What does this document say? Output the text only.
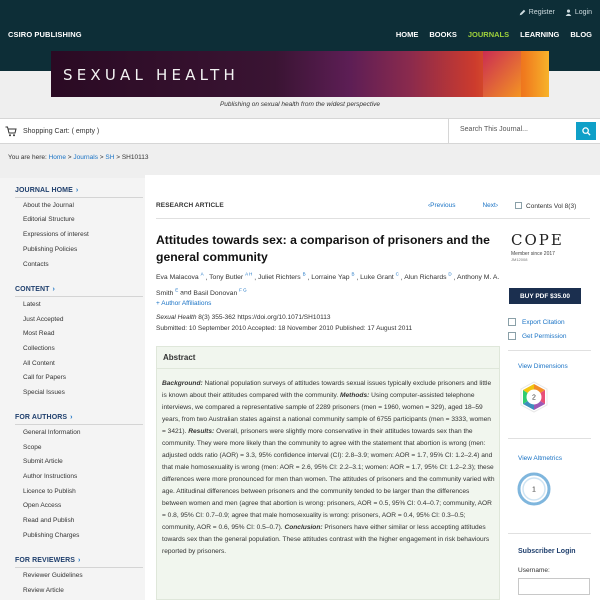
Register	Login
CSIRO PUBLISHING	HOME BOOKS JOURNALS LEARNING BLOG
SEXUAL HEALTH
Publishing on sexual health from the widest perspective
Shopping Cart: ( empty )	Search This Journal...
You are here: Home > Journals > SH > SH10113
JOURNAL HOME ›
About the Journal
Editorial Structure
Expressions of interest
Publishing Policies
Contacts
CONTENT ›
Latest
Just Accepted
Most Read
Collections
All Content
Call for Papers
Special Issues
FOR AUTHORS ›
General Information
Scope
Submit Article
Author Instructions
Licence to Publish
Open Access
Read and Publish
Publishing Charges
FOR REVIEWERS ›
Reviewer Guidelines
Review Article
RESEARCH ARTICLE	‹Previous	Next›	Contents Vol 8(3)
Attitudes towards sex: a comparison of prisoners and the general community
Eva Malacova $^A$ , Tony Butler $^{A H}$ , Juliet Richters $^B$ , Lorraine Yap $^B$ , Luke Grant $^C$ , Alun Richards $^D$ , Anthony M. A. Smith $^E$ and Basil Donovan $^{F G}$
+ Author Affiliations
Sexual Health 8(3) 355-362 https://doi.org/10.1071/SH10113
Submitted: 10 September 2010 Accepted: 18 November 2010 Published: 17 August 2011
Abstract
Background: National population surveys of attitudes towards sexual issues typically exclude prisoners and little is known about their attitudes compared with the community. Methods: Using computer-assisted telephone interviews, we compared a representative sample of 2289 prisoners (men = 1960, women = 329), aged 18–59 years, from two Australian states against a national community sample of 6755 participants (men = 3333, women = 3421). Results: Overall, prisoners were slightly more conservative in their attitudes towards sex than the community. They were more likely than the community to agree with the statement that abortion is wrong (men: adjusted odds ratio (AOR) = 3.3, 95% confidence interval (CI): 2.8–3.9; women: AOR = 1.7, 95% CI: 1.2–2.4) and that male homosexuality is wrong (men: AOR = 2.6, 95% CI: 2.2–3.1; women: AOR = 1.7, 95% CI: 1.2–2.3); these differences were more pronounced for men than women. The attitudes of prisoners and the community varied with age. Attitudinal differences between prisoners and the community tended to be larger than the differences between women and men (agree that abortion is wrong: prisoners, AOR = 0.5, 95% CI: 0.4–0.7; community, AOR = 0.8, 95% CI: 0.7–0.9; agree that male homosexuality is wrong: prisoners, AOR = 0.4, 95% CI: 0.3–0.5; community, AOR = 0.6, 95% CI: 0.5–0.7). Conclusion: Prisoners have either similar or less accepting attitudes towards sex than the general population. These attitudes contrast with the higher engagement in risk behaviours reported by prisoners.
COPE
Member since 2017
JM12008
BUY PDF $35.00
Export Citation
Get Permission
View Dimensions
2
View Altmetrics
1
Subscriber Login
Username:
